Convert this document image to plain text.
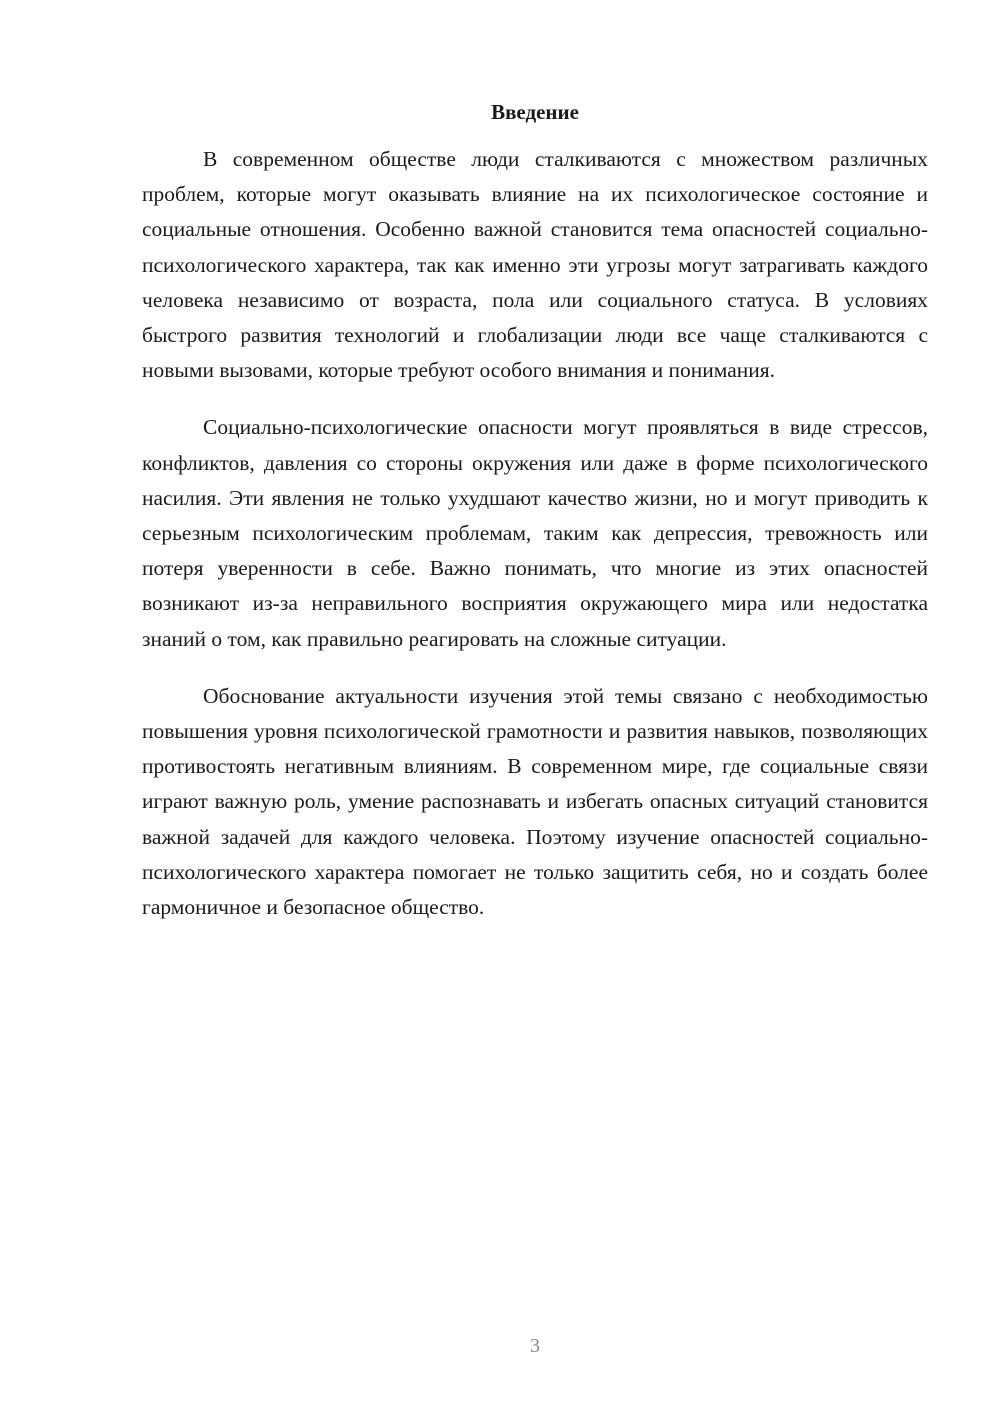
Введение

В современном обществе люди сталкиваются с множеством различных проблем, которые могут оказывать влияние на их психологическое состояние и социальные отношения. Особенно важной становится тема опасностей социально-психологического характера, так как именно эти угрозы могут затрагивать каждого человека независимо от возраста, пола или социального статуса. В условиях быстрого развития технологий и глобализации люди все чаще сталкиваются с новыми вызовами, которые требуют особого внимания и понимания.

Социально-психологические опасности могут проявляться в виде стрессов, конфликтов, давления со стороны окружения или даже в форме психологического насилия. Эти явления не только ухудшают качество жизни, но и могут приводить к серьезным психологическим проблемам, таким как депрессия, тревожность или потеря уверенности в себе. Важно понимать, что многие из этих опасностей возникают из-за неправильного восприятия окружающего мира или недостатка знаний о том, как правильно реагировать на сложные ситуации.

Обоснование актуальности изучения этой темы связано с необходимостью повышения уровня психологической грамотности и развития навыков, позволяющих противостоять негативным влияниям. В современном мире, где социальные связи играют важную роль, умение распознавать и избегать опасных ситуаций становится важной задачей для каждого человека. Поэтому изучение опасностей социально-психологического характера помогает не только защитить себя, но и создать более гармоничное и безопасное общество.

3
